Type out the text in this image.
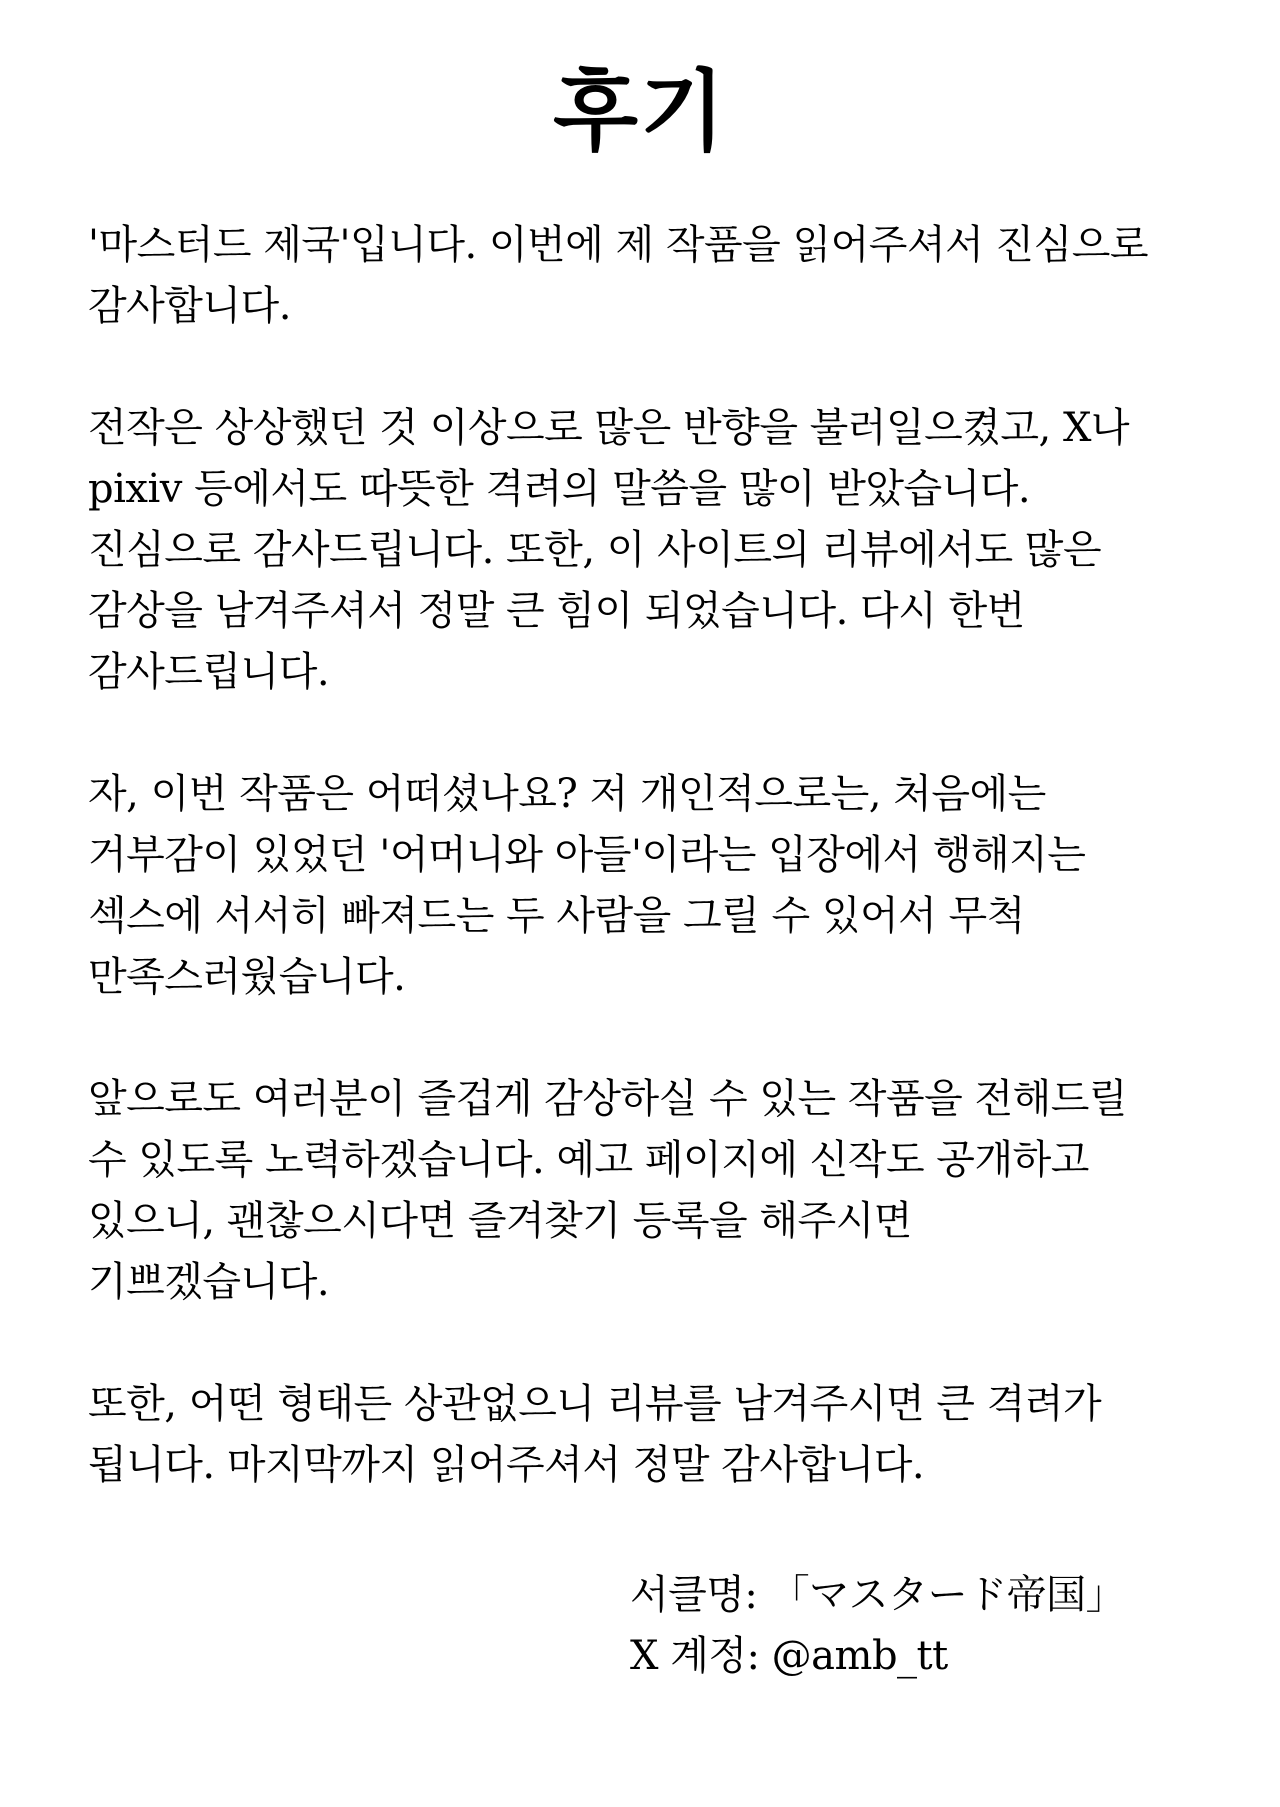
후기

'마스터드 제국'입니다. 이번에 제 작품을 읽어주셔서 진심으로
감사합니다.

전작은 상상했던 것 이상으로 많은 반향을 불러일으켰고, X나
pixiv 등에서도 따뜻한 격려의 말씀을 많이 받았습니다.
진심으로 감사드립니다. 또한, 이 사이트의 리뷰에서도 많은
감상을 남겨주셔서 정말 큰 힘이 되었습니다. 다시 한번
감사드립니다.

자, 이번 작품은 어떠셨나요? 저 개인적으로는, 처음에는
거부감이 있었던 '어머니와 아들'이라는 입장에서 행해지는
섹스에 서서히 빠져드는 두 사람을 그릴 수 있어서 무척
만족스러웠습니다.

앞으로도 여러분이 즐겁게 감상하실 수 있는 작품을 전해드릴
수 있도록 노력하겠습니다. 예고 페이지에 신작도 공개하고
있으니, 괜찮으시다면 즐겨찾기 등록을 해주시면
기쁘겠습니다.

또한, 어떤 형태든 상관없으니 리뷰를 남겨주시면 큰 격려가
됩니다. 마지막까지 읽어주셔서 정말 감사합니다.

서클명: 「マスタード帝国」
X 계정: @amb_tt
